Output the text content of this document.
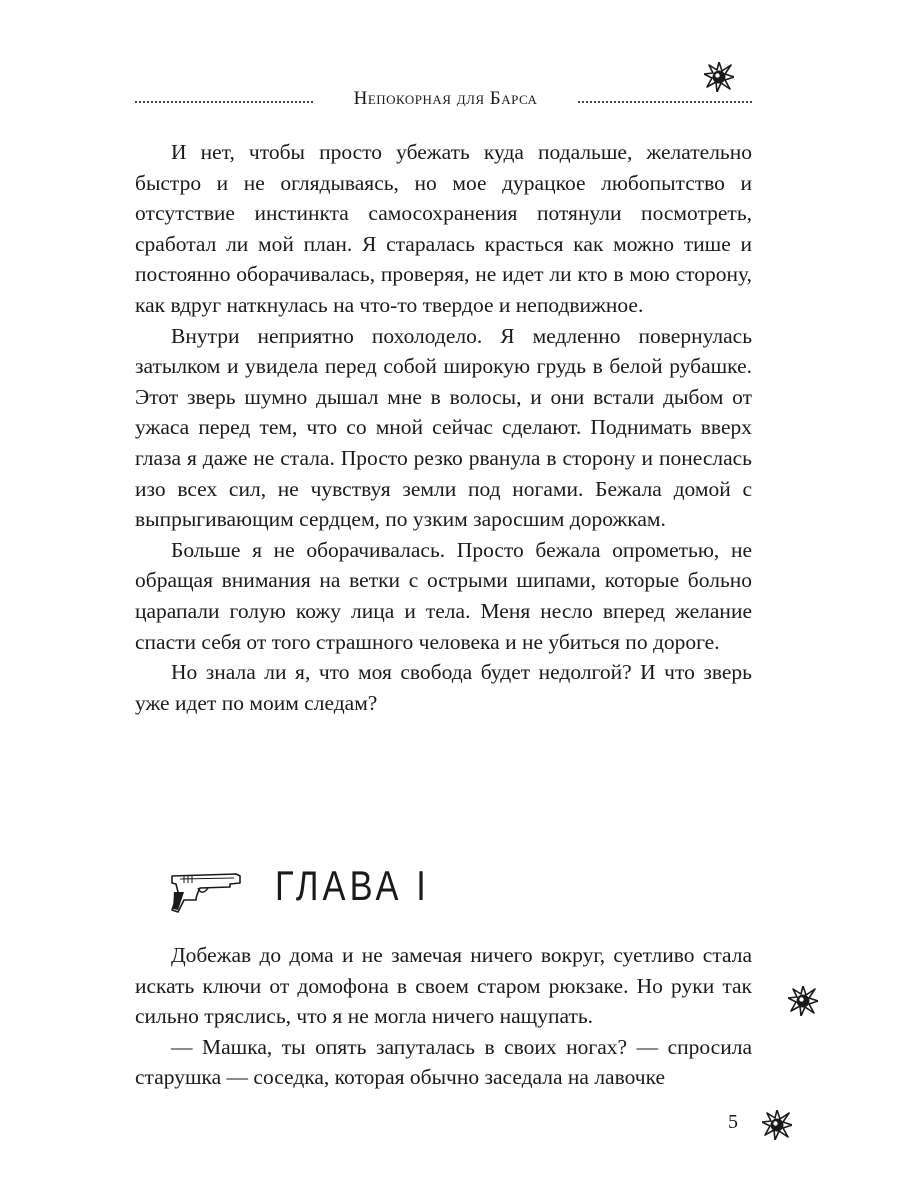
Непокорная для Барса

И нет, чтобы просто убежать куда подальше, желательно быстро и не оглядываясь, но мое дурацкое любопытство и отсутствие инстинкта самосохранения потянули посмотреть, сработал ли мой план. Я старалась красться как можно тише и постоянно оборачивалась, проверяя, не идет ли кто в мою сторону, как вдруг наткнулась на что-то твердое и неподвижное.

Внутри неприятно похолодело. Я медленно повернулась затылком и увидела перед собой широкую грудь в белой рубашке. Этот зверь шумно дышал мне в волосы, и они встали дыбом от ужаса перед тем, что со мной сейчас сделают. Поднимать вверх глаза я даже не стала. Просто резко рванула в сторону и понеслась изо всех сил, не чувствуя земли под ногами. Бежала домой с выпрыгивающим сердцем, по узким заросшим дорожкам.

Больше я не оборачивалась. Просто бежала опрометью, не обращая внимания на ветки с острыми шипами, которые больно царапали голую кожу лица и тела. Меня несло вперед желание спасти себя от того страшного человека и не убиться по дороге.

Но знала ли я, что моя свобода будет недолгой? И что зверь уже идет по моим следам?

ГЛАВА I

Добежав до дома и не замечая ничего вокруг, суетливо стала искать ключи от домофона в своем старом рюкзаке. Но руки так сильно тряслись, что я не могла ничего нащупать.

— Машка, ты опять запуталась в своих ногах? — спросила старушка — соседка, которая обычно заседала на лавочке

5
